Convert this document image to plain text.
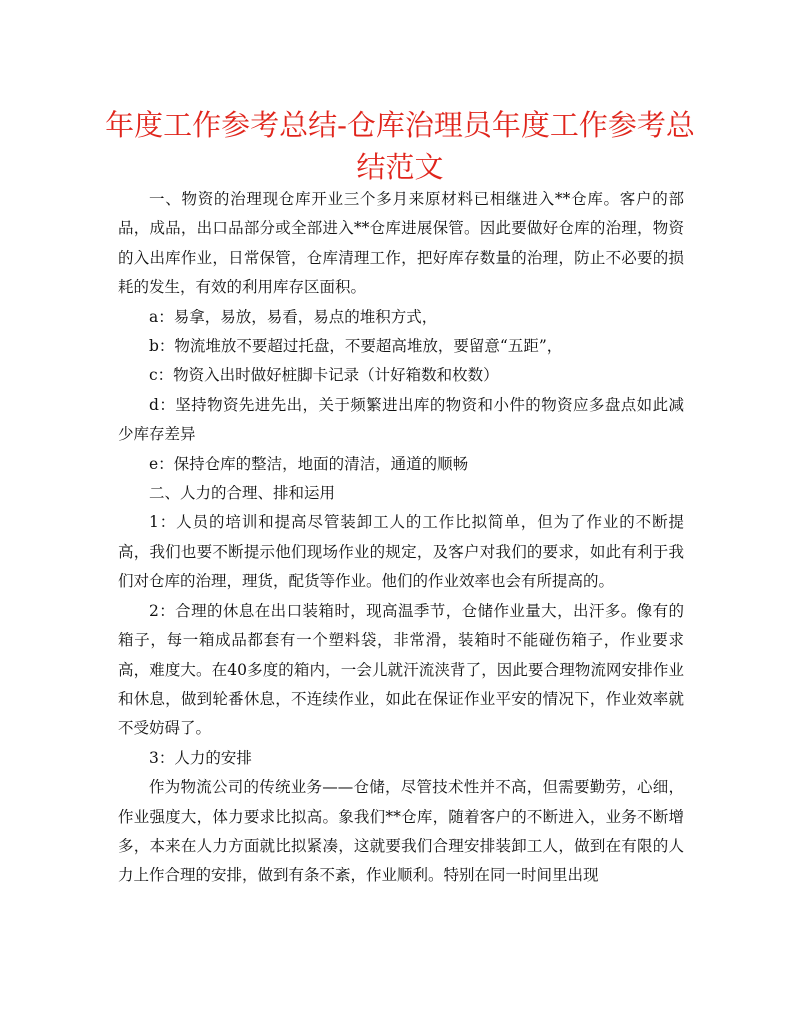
年度工作参考总结-仓库治理员年度工作参考总结范文

一、物资的治理现仓库开业三个多月来原材料已相继进入**仓库。客户的部品，成品，出口品部分或全部进入**仓库进展保管。因此要做好仓库的治理，物资的入出库作业，日常保管，仓库清理工作，把好库存数量的治理，防止不必要的损耗的发生，有效的利用库存区面积。

a：易拿，易放，易看，易点的堆积方式，

b：物流堆放不要超过托盘，不要超高堆放，要留意“五距”，

c：物资入出时做好桩脚卡记录（计好箱数和枚数）

d：坚持物资先进先出，关于频繁进出库的物资和小件的物资应多盘点如此减少库存差异

e：保持仓库的整洁，地面的清洁，通道的顺畅

二、人力的合理、排和运用

1：人员的培训和提高尽管装卸工人的工作比拟简单，但为了作业的不断提高，我们也要不断提示他们现场作业的规定，及客户对我们的要求，如此有利于我们对仓库的治理，理货，配货等作业。他们的作业效率也会有所提高的。

2：合理的休息在出口装箱时，现高温季节，仓储作业量大，出汗多。像有的箱子，每一箱成品都套有一个塑料袋，非常滑，装箱时不能碰伤箱子，作业要求高，难度大。在40多度的箱内，一会儿就汗流浃背了，因此要合理物流网安排作业和休息，做到轮番休息，不连续作业，如此在保证作业平安的情况下，作业效率就不受妨碍了。

3：人力的安排

作为物流公司的传统业务——仓储，尽管技术性并不高，但需要勤劳，心细，作业强度大，体力要求比拟高。象我们**仓库，随着客户的不断进入，业务不断增多，本来在人力方面就比拟紧凑，这就要我们合理安排装卸工人，做到在有限的人力上作合理的安排，做到有条不紊，作业顺利。特别在同一时间里出现
